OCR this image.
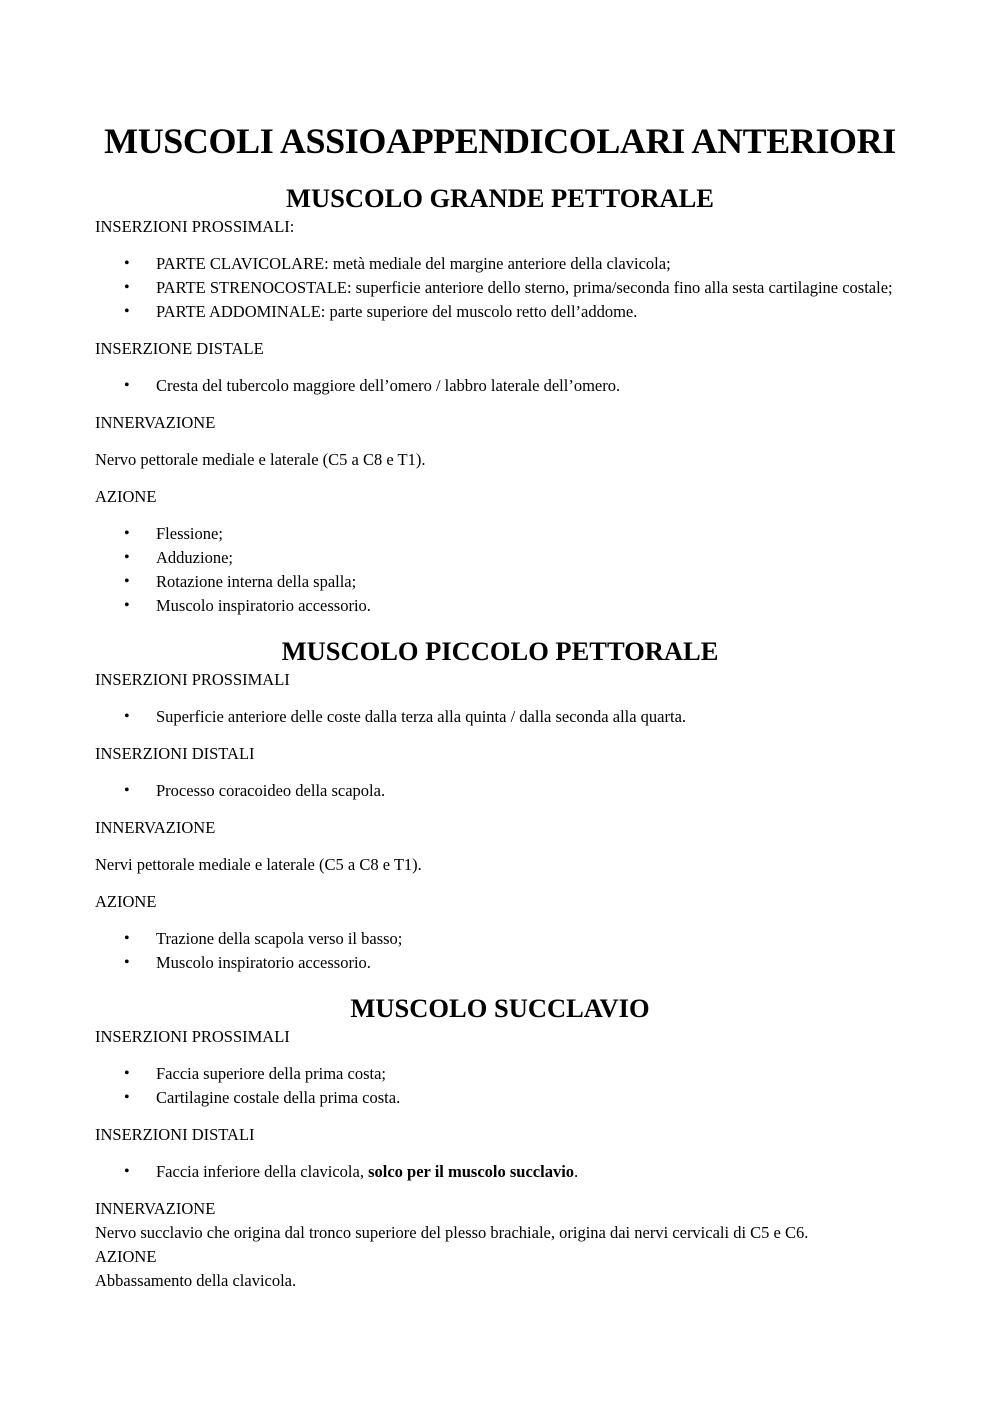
MUSCOLI ASSIOAPPENDICOLARI ANTERIORI
MUSCOLO GRANDE PETTORALE

INSERZIONI PROSSIMALI:

• PARTE CLAVICOLARE: metà mediale del margine anteriore della clavicola;
• PARTE STRENOCOSTALE: superficie anteriore dello sterno, prima/seconda fino alla sesta cartilagine costale;
• PARTE ADDOMINALE: parte superiore del muscolo retto dell’addome.

INSERZIONE DISTALE

• Cresta del tubercolo maggiore dell’omero / labbro laterale dell’omero.

INNERVAZIONE

Nervo pettorale mediale e laterale (C5 a C8 e T1).

AZIONE

• Flessione;
• Adduzione;
• Rotazione interna della spalla;
• Muscolo inspiratorio accessorio.
MUSCOLO PICCOLO PETTORALE

INSERZIONI PROSSIMALI

• Superficie anteriore delle coste dalla terza alla quinta / dalla seconda alla quarta.

INSERZIONI DISTALI

• Processo coracoideo della scapola.

INNERVAZIONE

Nervi pettorale mediale e laterale (C5 a C8 e T1).

AZIONE

• Trazione della scapola verso il basso;
• Muscolo inspiratorio accessorio.
MUSCOLO SUCCLAVIO

INSERZIONI PROSSIMALI

• Faccia superiore della prima costa;
• Cartilagine costale della prima costa.

INSERZIONI DISTALI

• Faccia inferiore della clavicola, solco per il muscolo succlavio.

INNERVAZIONE

Nervo succlavio che origina dal tronco superiore del plesso brachiale, origina dai nervi cervicali di C5 e C6.

AZIONE

Abbassamento della clavicola.
